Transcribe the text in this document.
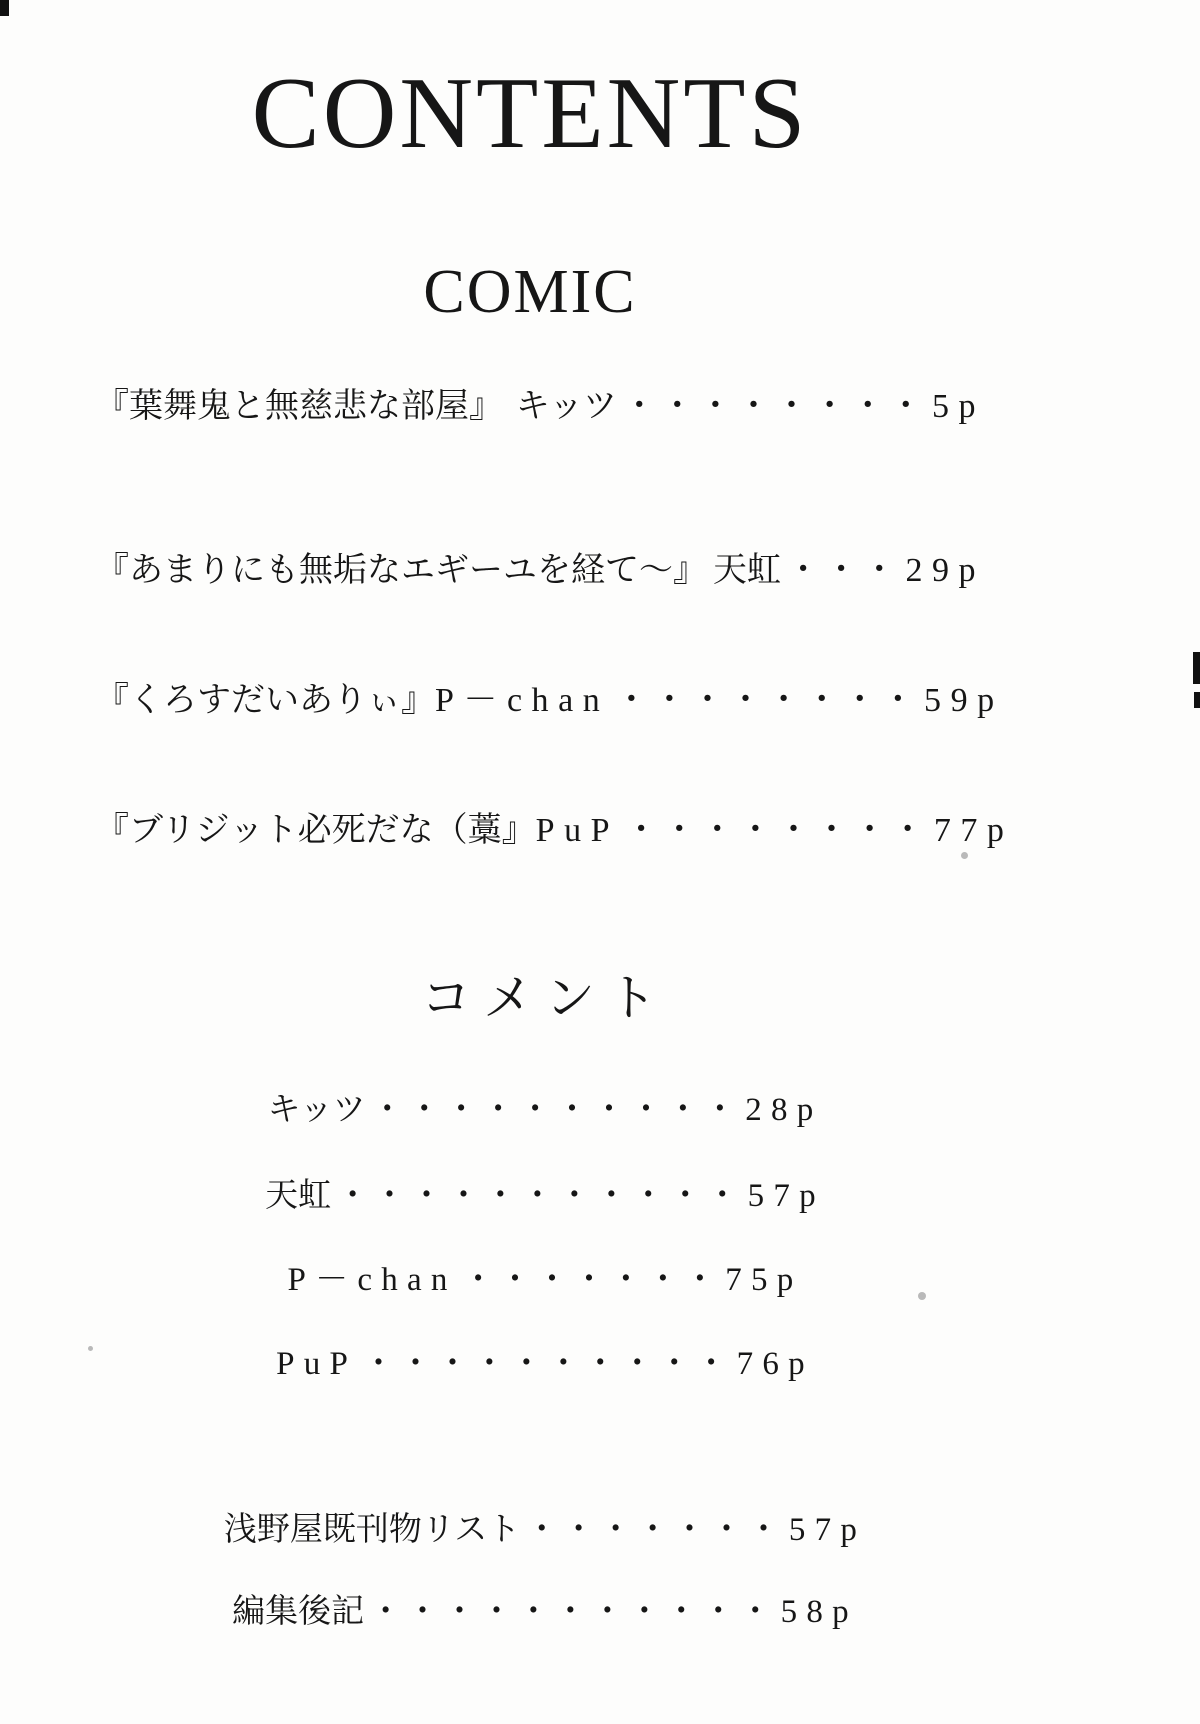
CONTENTS
COMIC
『葉舞鬼と無慈悲な部屋』 キッツ ・・・・・・・・ 5p
『あまりにも無垢なエギーユを経て～』 天虹 ・・・ 29p
『くろすだいありぃ』 P－chan ・・・・・・・・ 59p
『ブリジット必死だな（藁』 PuP ・・・・・・・・ 77p
コメント
キッツ ・・・・・・・・・・ 28p
天虹 ・・・・・・・・・・・ 57p
P－chan ・・・・・・・ 75p
PuP ・・・・・・・・・・ 76p
浅野屋既刊物リスト ・・・・・・・ 57p
編集後記 ・・・・・・・・・・・ 58p
